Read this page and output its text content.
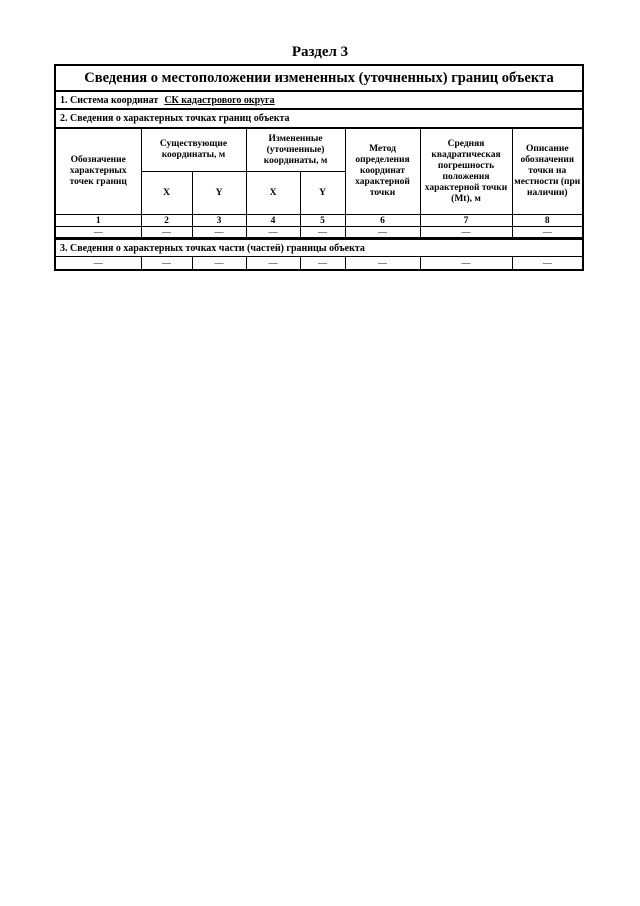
Раздел 3
Сведения о местоположении измененных (уточненных) границ объекта
1. Система координат СК кадастрового округа
2. Сведения о характерных точках границ объекта
Обозначение характерных точек границ	Существующие координаты, м		Измененные (уточненные) координаты, м		Метод определения координат характерной точки	Средняя квадратическая погрешность положения характерной точки (Mt), м	Описание обозначения точки на местности (при наличии)
	X	Y	X	Y			
1	2	3	4	5	6	7	8
—	—	—	—	—	—	—	—
3. Сведения о характерных точках части (частей) границы объекта
—	—	—	—	—	—	—	—
